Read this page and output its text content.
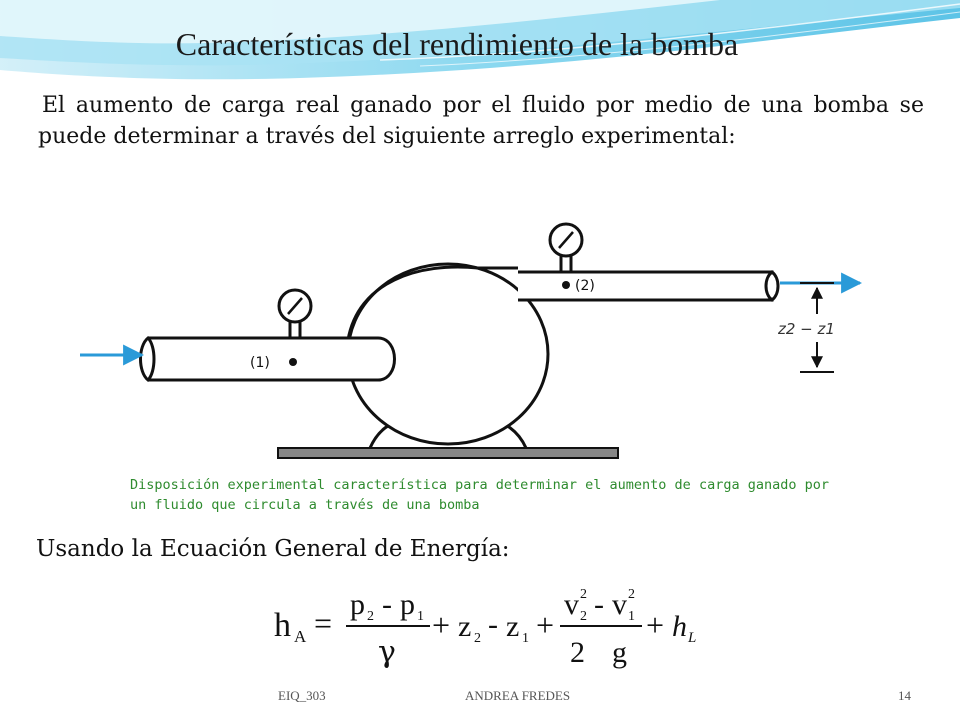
Características del rendimiento de la bomba
El aumento de carga real ganado por el fluido por medio de una bomba se puede determinar a través del siguiente arreglo experimental:
(1)
(2)
z2 − z1
Disposición experimental característica para determinar el aumento de carga ganado por un fluido que circula a través de una bomba
Usando la Ecuación General de Energía:
h A =
p 2 - p 1
γ
+ z 2 - z 1 +
v 2
2 - v 2
1
2 g
+ h L
EIQ_303	ANDREA FREDES	14
